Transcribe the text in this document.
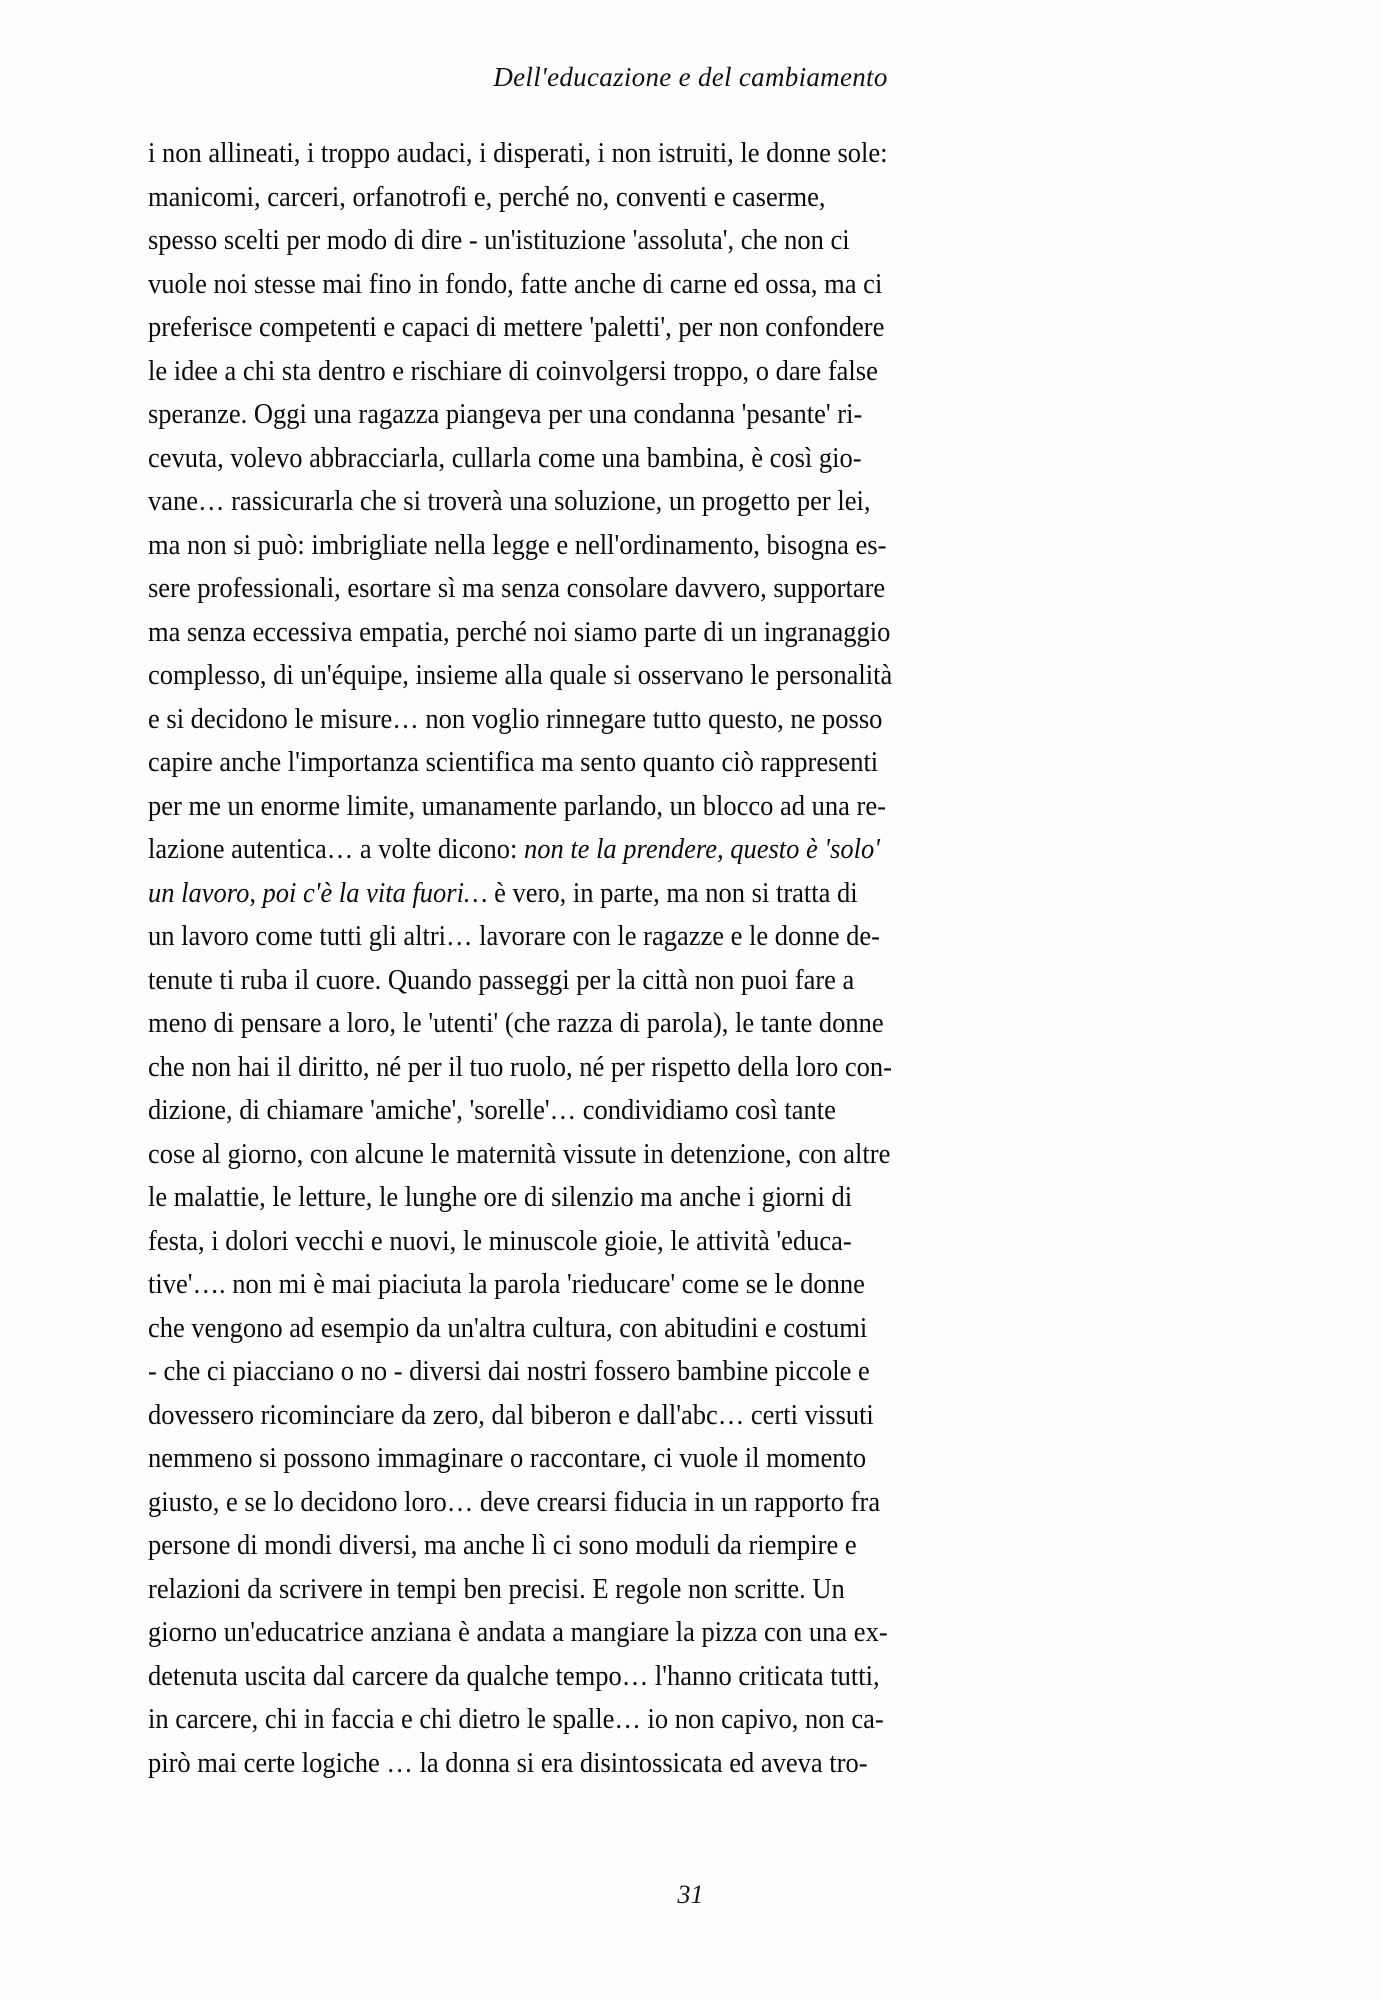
Dell'educazione e del cambiamento
i non allineati, i troppo audaci, i disperati, i non istruiti, le donne sole:
manicomi, carceri, orfanotrofi e, perché no, conventi e caserme,
spesso scelti per modo di dire - un'istituzione 'assoluta', che non ci
vuole noi stesse mai fino in fondo, fatte anche di carne ed ossa, ma ci
preferisce competenti e capaci di mettere 'paletti', per non confondere
le idee a chi sta dentro e rischiare di coinvolgersi troppo, o dare false
speranze. Oggi una ragazza piangeva per una condanna 'pesante' ri-
cevuta, volevo abbracciarla, cullarla come una bambina, è così gio-
vane… rassicurarla che si troverà una soluzione, un progetto per lei,
ma non si può: imbrigliate nella legge e nell'ordinamento, bisogna es-
sere professionali, esortare sì ma senza consolare davvero, supportare
ma senza eccessiva empatia, perché noi siamo parte di un ingranaggio
complesso, di un'équipe, insieme alla quale si osservano le personalità
e si decidono le misure… non voglio rinnegare tutto questo, ne posso
capire anche l'importanza scientifica ma sento quanto ciò rappresenti
per me un enorme limite, umanamente parlando, un blocco ad una re-
lazione autentica… a volte dicono: non te la prendere, questo è 'solo'
un lavoro, poi c'è la vita fuori… è vero, in parte, ma non si tratta di
un lavoro come tutti gli altri… lavorare con le ragazze e le donne de-
tenute ti ruba il cuore. Quando passeggi per la città non puoi fare a
meno di pensare a loro, le 'utenti' (che razza di parola), le tante donne
che non hai il diritto, né per il tuo ruolo, né per rispetto della loro con-
dizione, di chiamare 'amiche', 'sorelle'… condividiamo così tante
cose al giorno, con alcune le maternità vissute in detenzione, con altre
le malattie, le letture, le lunghe ore di silenzio ma anche i giorni di
festa, i dolori vecchi e nuovi, le minuscole gioie, le attività 'educa-
tive'…. non mi è mai piaciuta la parola 'rieducare' come se le donne
che vengono ad esempio da un'altra cultura, con abitudini e costumi
- che ci piacciano o no - diversi dai nostri fossero bambine piccole e
dovessero ricominciare da zero, dal biberon e dall'abc… certi vissuti
nemmeno si possono immaginare o raccontare, ci vuole il momento
giusto, e se lo decidono loro… deve crearsi fiducia in un rapporto fra
persone di mondi diversi, ma anche lì ci sono moduli da riempire e
relazioni da scrivere in tempi ben precisi. E regole non scritte. Un
giorno un'educatrice anziana è andata a mangiare la pizza con una ex-
detenuta uscita dal carcere da qualche tempo… l'hanno criticata tutti,
in carcere, chi in faccia e chi dietro le spalle… io non capivo, non ca-
pirò mai certe logiche … la donna si era disintossicata ed aveva tro-
31
